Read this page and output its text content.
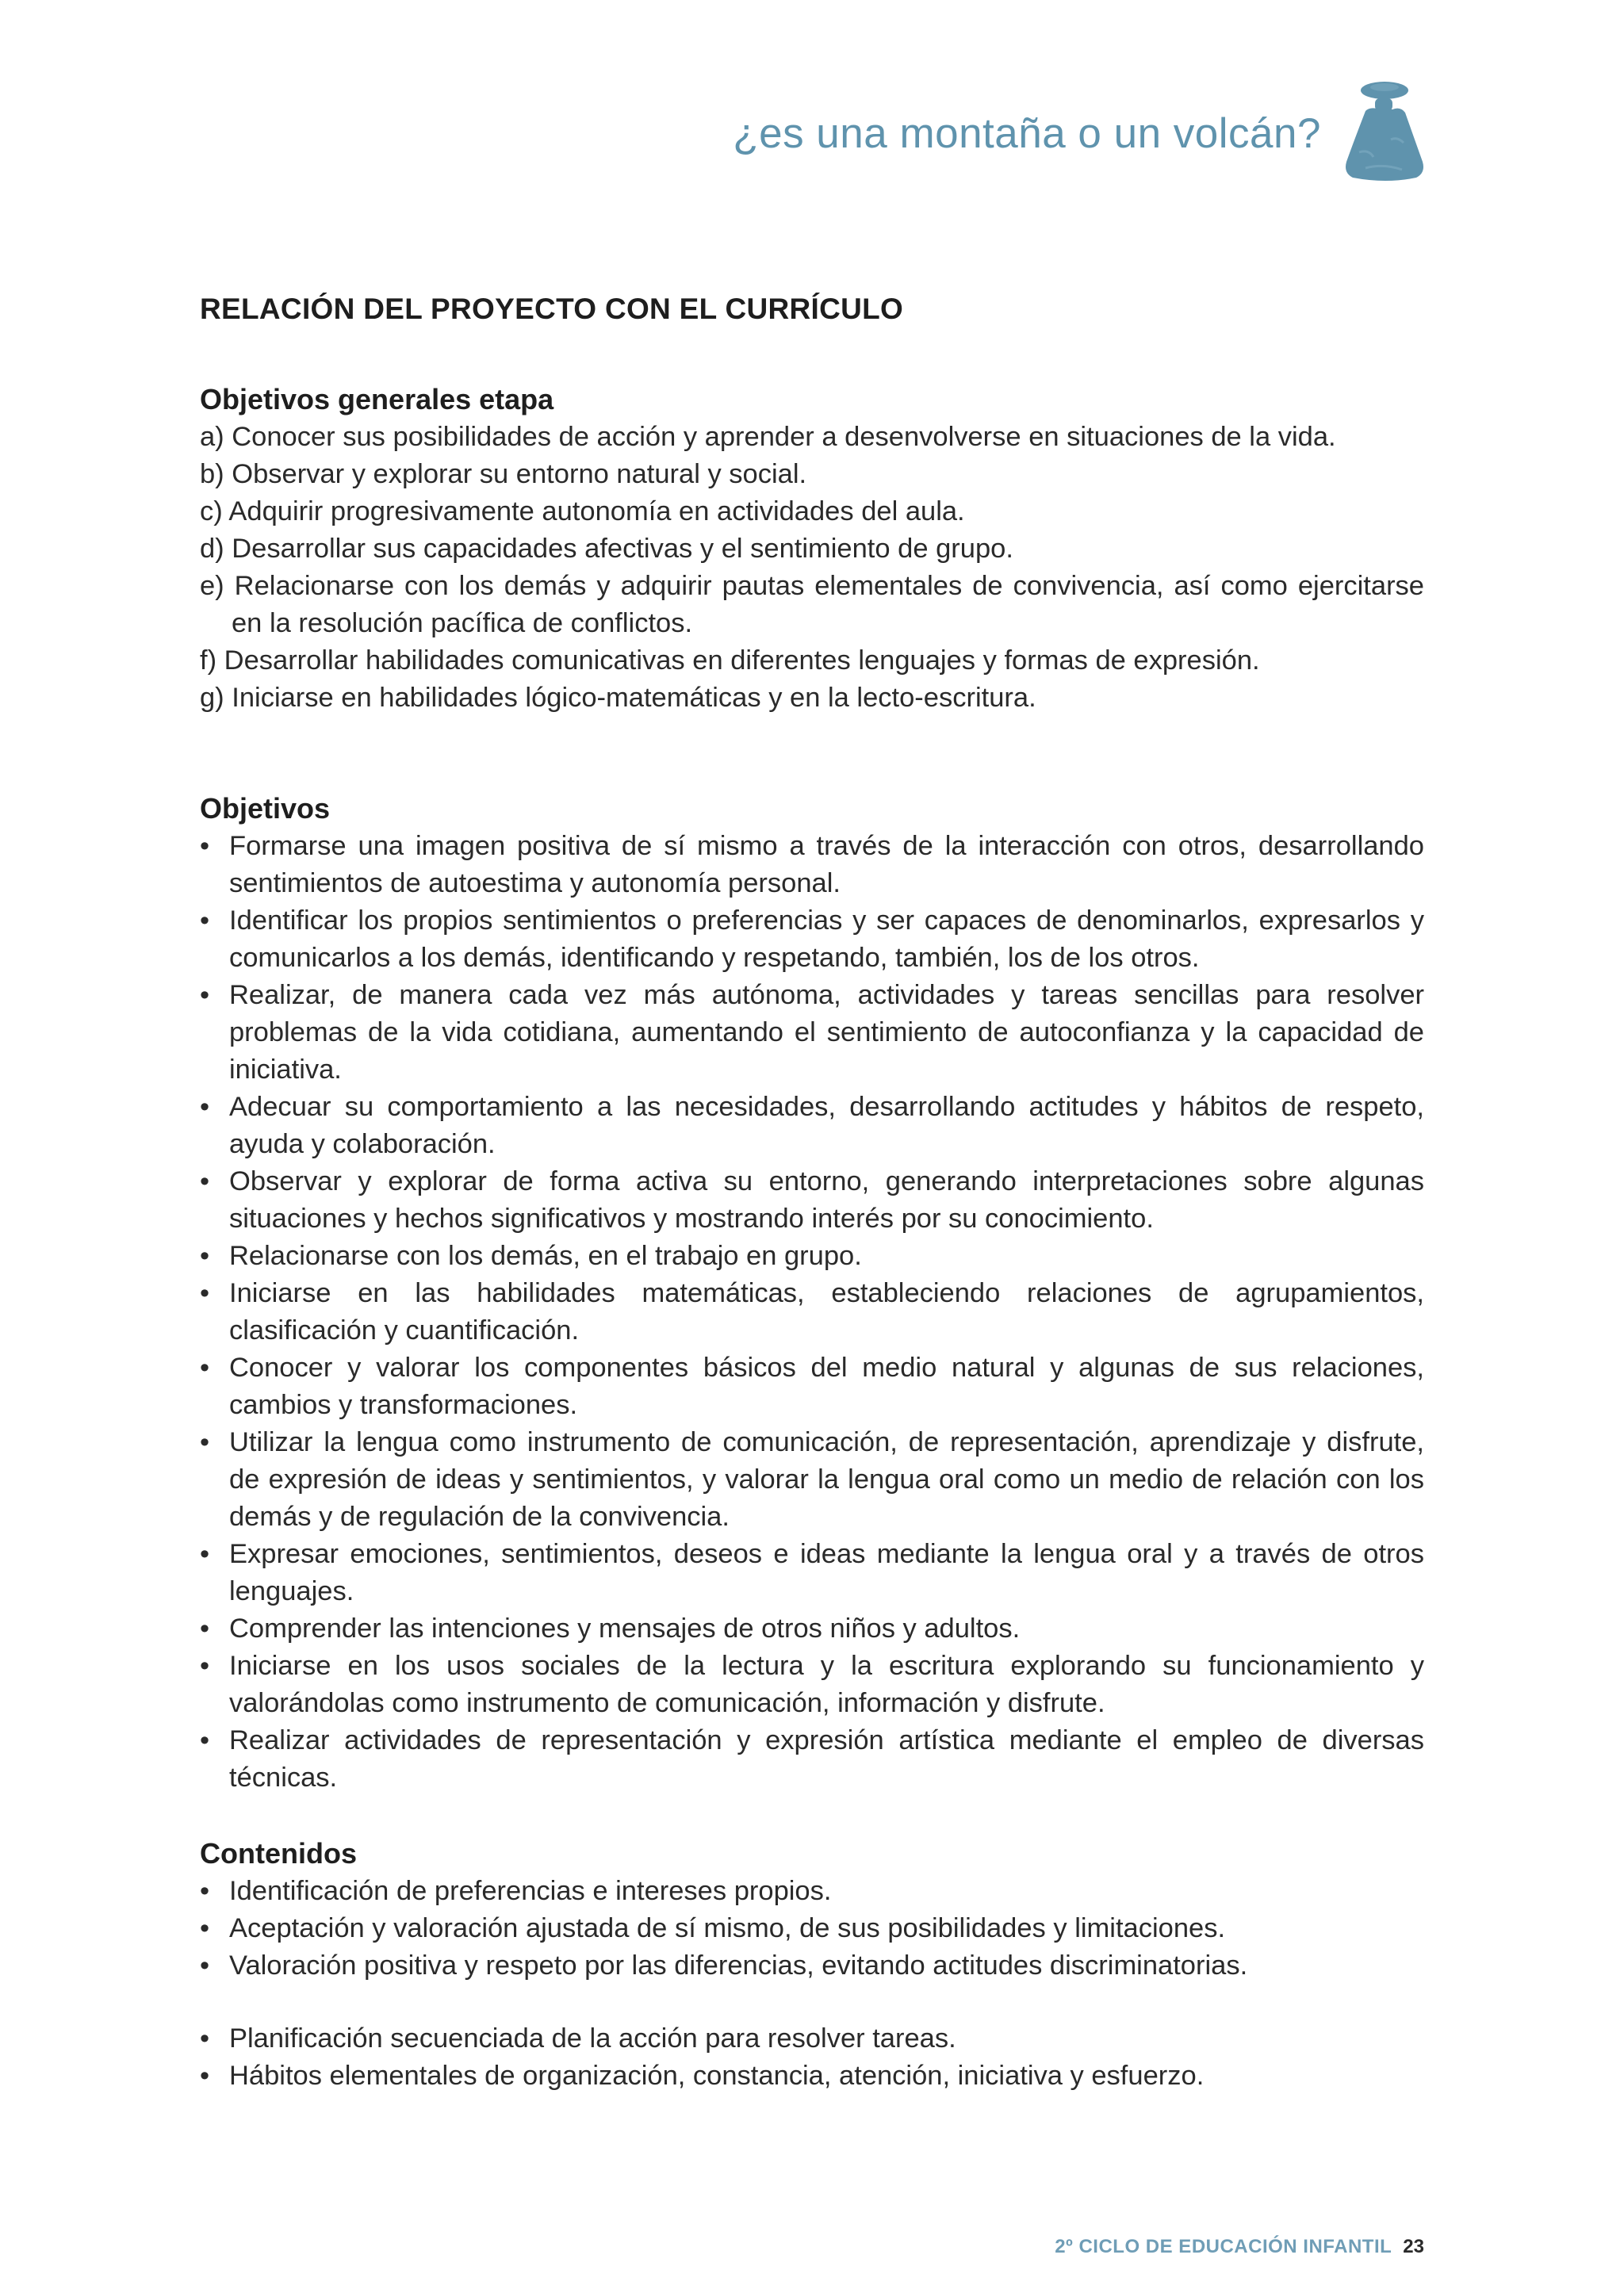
¿es una montaña o un volcán?
RELACIÓN DEL PROYECTO CON EL CURRÍCULO
Objetivos generales etapa
a) Conocer sus posibilidades de acción y aprender a desenvolverse en situaciones de la vida.
b) Observar y explorar su entorno natural y social.
c) Adquirir progresivamente autonomía en actividades del aula.
d) Desarrollar sus capacidades afectivas y el sentimiento de grupo.
e) Relacionarse con los demás y adquirir pautas elementales de convivencia, así como ejercitarse en la resolución pacífica de conflictos.
f) Desarrollar habilidades comunicativas en diferentes lenguajes y formas de expresión.
g) Iniciarse en habilidades lógico-matemáticas y en la lecto-escritura.
Objetivos
• Formarse una imagen positiva de sí mismo a través de la interacción con otros, desarrollando sentimientos de autoestima y autonomía personal.
• Identificar los propios sentimientos o preferencias y ser capaces de denominarlos, expresarlos y comunicarlos a los demás, identificando y respetando, también, los de los otros.
• Realizar, de manera cada vez más autónoma, actividades y tareas sencillas para resolver problemas de la vida cotidiana, aumentando el sentimiento de autoconfianza y la capacidad de iniciativa.
• Adecuar su comportamiento a las necesidades, desarrollando actitudes y hábitos de respeto, ayuda y colaboración.
• Observar y explorar de forma activa su entorno, generando interpretaciones sobre algunas situaciones y hechos significativos y mostrando interés por su conocimiento.
• Relacionarse con los demás, en el trabajo en grupo.
• Iniciarse en las habilidades matemáticas, estableciendo relaciones de agrupamientos, clasificación y cuantificación.
• Conocer y valorar los componentes básicos del medio natural y algunas de sus relaciones, cambios y transformaciones.
• Utilizar la lengua como instrumento de comunicación, de representación, aprendizaje y disfrute, de expresión de ideas y sentimientos, y valorar la lengua oral como un medio de relación con los demás y de regulación de la convivencia.
• Expresar emociones, sentimientos, deseos e ideas mediante la lengua oral y a través de otros lenguajes.
• Comprender las intenciones y mensajes de otros niños y adultos.
• Iniciarse en los usos sociales de la lectura y la escritura explorando su funcionamiento y valorándolas como instrumento de comunicación, información y disfrute.
• Realizar actividades de representación y expresión artística mediante el empleo de diversas técnicas.
Contenidos
• Identificación de preferencias e intereses propios.
• Aceptación y valoración ajustada de sí mismo, de sus posibilidades y limitaciones.
• Valoración positiva y respeto por las diferencias, evitando actitudes discriminatorias.
• Planificación secuenciada de la acción para resolver tareas.
• Hábitos elementales de organización, constancia, atención, iniciativa y esfuerzo.
2º CICLO DE EDUCACIÓN INFANTIL 23
